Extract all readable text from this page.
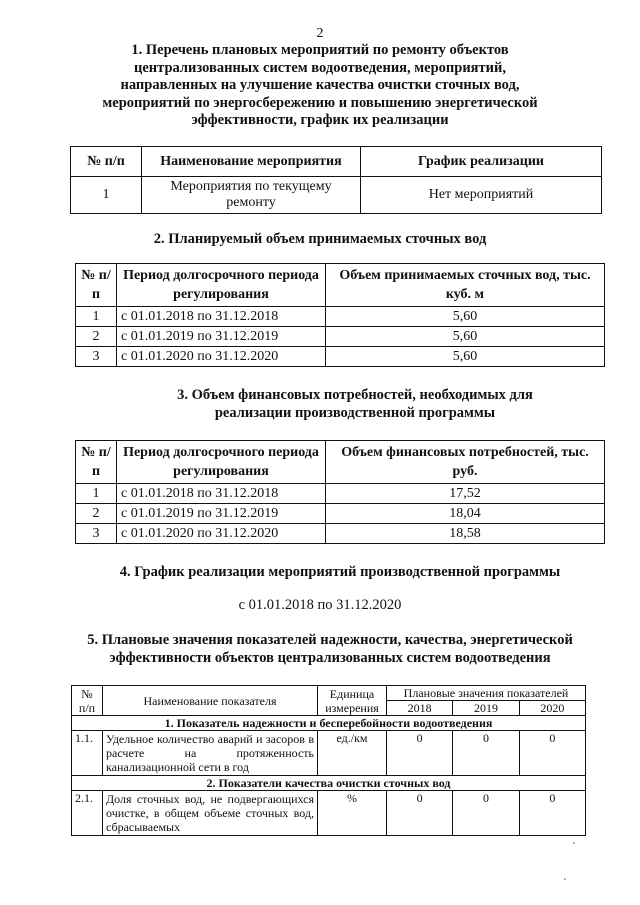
2
1. Перечень плановых мероприятий по ремонту объектов централизованных систем водоотведения, мероприятий, направленных на улучшение качества очистки сточных вод, мероприятий по энергосбережению и повышению энергетической эффективности, график их реализации
№ п/п	Наименование мероприятия	График реализации
1	Мероприятия по текущему ремонту	Нет мероприятий
2. Планируемый объем принимаемых сточных вод
№ п/п	Период долгосрочного периода регулирования	Объем принимаемых сточных вод, тыс. куб. м
1	с 01.01.2018 по 31.12.2018	5,60
2	с 01.01.2019 по 31.12.2019	5,60
3	с 01.01.2020 по 31.12.2020	5,60
3. Объем финансовых потребностей, необходимых для реализации производственной программы
№ п/п	Период долгосрочного периода регулирования	Объем финансовых потребностей, тыс. руб.
1	с 01.01.2018 по 31.12.2018	17,52
2	с 01.01.2019 по 31.12.2019	18,04
3	с 01.01.2020 по 31.12.2020	18,58
4. График реализации мероприятий производственной программы
с 01.01.2018 по 31.12.2020
5. Плановые значения показателей надежности, качества, энергетической эффективности объектов централизованных систем водоотведения
№ п/п	Наименование показателя	Единица измерения	Плановые значения показателей		
			2018	2019	2020
1. Показатель надежности и бесперебойности водоотведения					
1.1.	Удельное количество аварий и засоров в расчете на протяженность канализационной сети в год	ед./км	0	0	0
2. Показатели качества очистки сточных вод					
2.1.	Доля сточных вод, не подвергающихся очистке, в общем объеме сточных вод, сбрасываемых	%	0	0	0
